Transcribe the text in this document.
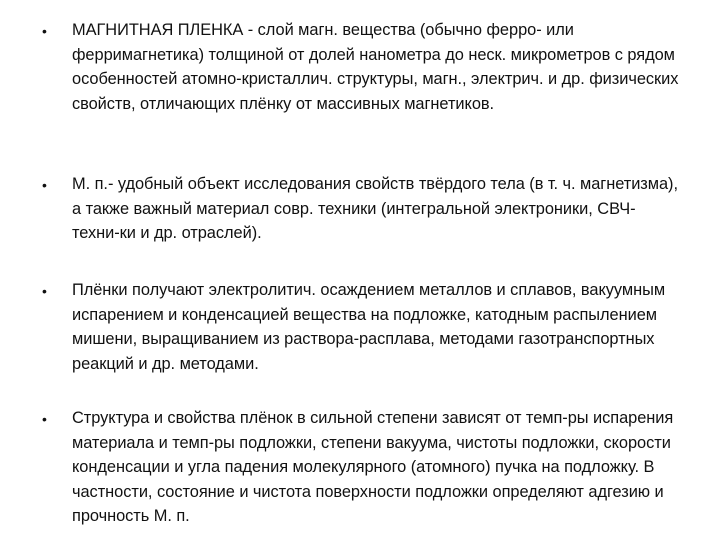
• МАГНИТНАЯ ПЛЕНКА - слой магн. вещества (обычно ферро- или ферримагнетика) толщиной от долей нанометра до неск. микрометров с рядом особенностей атомно-кристаллич. структуры, магн., электрич. и др. физических свойств, отличающих плёнку от массивных магнетиков.

• М. п.- удобный объект исследования свойств твёрдого тела (в т. ч. магнетизма), а также важный материал совр. техники (интегральной электроники, СВЧ-техни-ки и др. отраслей).

• Плёнки получают электролитич. осаждением металлов и сплавов, вакуумным испарением и конденсацией вещества на подложке, катодным распылением мишени, выращиванием из раствора-расплава, методами газотранспортных реакций и др. методами.

• Структура и свойства плёнок в сильной степени зависят от темп-ры испарения материала и темп-ры подложки, степени вакуума, чистоты подложки, скорости конденсации и угла падения молекулярного (атомного) пучка на подложку. В частности, состояние и чистота поверхности подложки определяют адгезию и прочность М. п.
